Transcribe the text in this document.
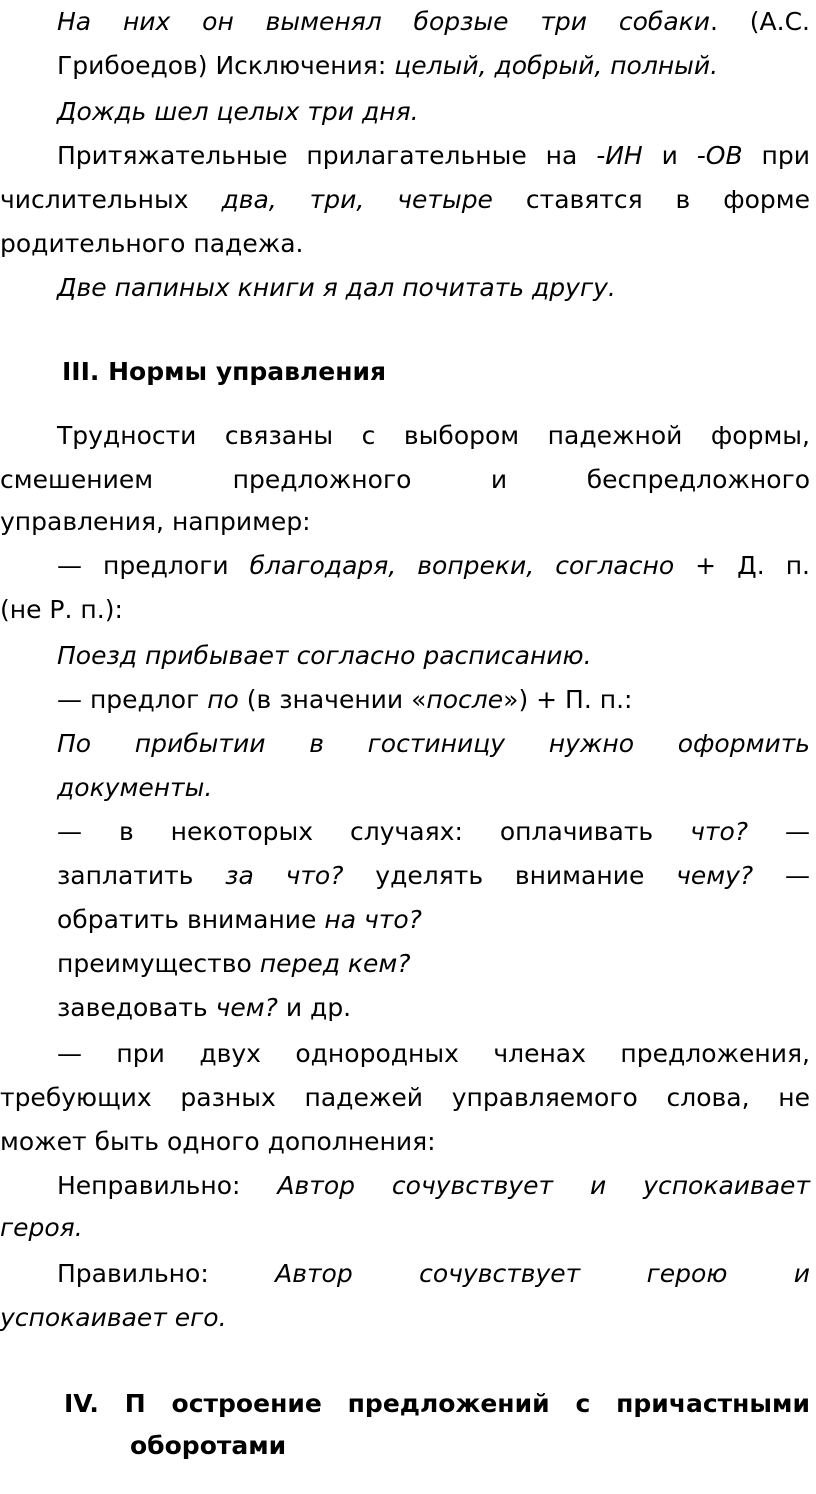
На них он выменял борзые три собаки. (А.С.
Грибоедов) Исключения: целый, добрый, полный.
Дождь шел целых три дня.
Притяжательные прилагательные на -ИН и -ОВ при
числительных два, три, четыре ставятся в форме
родительного падежа.
Две папиных книги я дал почитать другу.
III. Нормы управления
Трудности связаны с выбором падежной формы,
смешением предложного и беспредложного
управления, например:
— предлоги благодаря, вопреки, согласно + Д. п.
(не Р. п.):
Поезд прибывает согласно расписанию.
— предлог по (в значении «после») + П. п.:
По прибытии в гостиницу нужно оформить
документы.
— в некоторых случаях: оплачивать что? —
заплатить за что? уделять внимание чему? —
обратить внимание на что?
преимущество перед кем?
заведовать чем? и др.
— при двух однородных членах предложения,
требующих разных падежей управляемого слова, не
может быть одного дополнения:
Неправильно: Автор сочувствует и успокаивает
героя.
Правильно: Автор сочувствует герою и
успокаивает его.
IV. П остроение предложений с причастными
оборотами
